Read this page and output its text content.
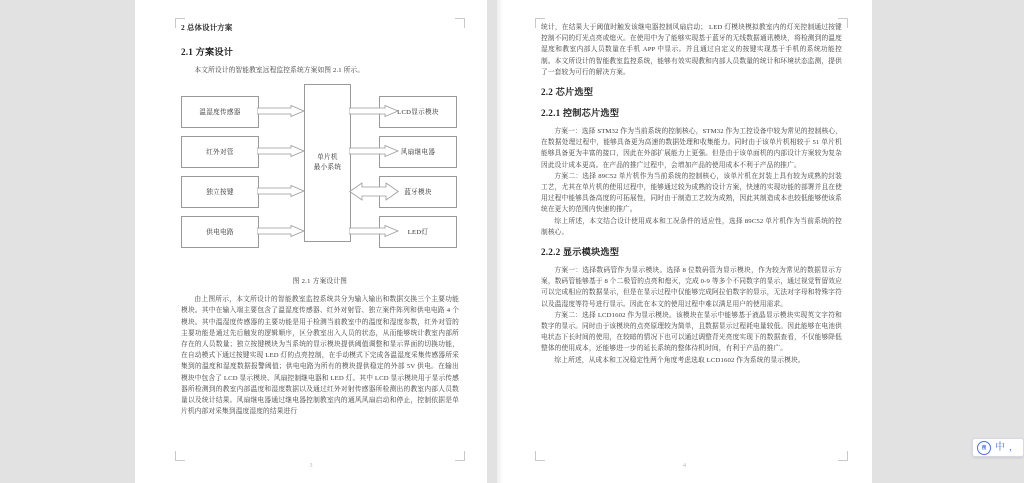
2 总体设计方案
2.1 方案设计

本文所设计的智能教室远程监控系统方案如图 2.1 所示。

温湿度传感器
红外对管
独立按键
供电电路
单片机
最小系统
LCD显示模块
风扇继电器
蓝牙模块
LED灯
图 2.1 方案设计图

由上图所示，本文所设计的智能教室监控系统共分为输入输出和数据交换三个主要功能模块。其中在输入端主要包含了温湿度传感器、红外对射管、独立案件阵列和供电电路 4 个模块。其中温湿度传感器的主要功能是用于检测当前教室中的温度和湿度参数，红外对管的主要功能是通过先后触发的逻辑顺序，区分教室出入人员的状态，从而能够统计教室内部所存在的人员数量；独立按键模块为当系统的显示模块提供阈值调整和显示界面的切换功能，在自动模式下通过按键实现 LED 灯的点亮控制，在手动模式下完成各温湿度采集传感器所采集到的温度和湿度数据报警阈值；供电电路为所有的模块提供稳定的外部 5V 供电。在输出模块中包含了 LCD 显示模块、风扇控制继电器和 LED 灯。其中 LCD 显示模块用于显示传感器所检测到的教室内部温度和湿度数据以及通过红外对射传感器所检测出的教室内部人员数量以及统计结果。风扇继电器通过继电器控制教室内的通风风扇启动和停止，控制依据是单片机内部对采集到温度湿度的结果进行

3

统计，在结果大于阈值时触发该继电器控制风扇启动； LED 灯模块模拟教室内的灯光控制通过按键控制不同的灯光点亮或熄灭。在使用中为了能够实现基于蓝牙的无线数据通讯模块，将检测到的温度湿度和教室内部人员数量在手机 APP 中显示。并且通过自定义的按键实现基于手机的系统功能控制。本文所设计的智能教室监控系统，能够有效实现教和内部人员数量的统计和环境状态监测，提供了一套较为可行的解决方案。

2.2 芯片选型
2.2.1 控制芯片选型

方案一：选择 STM32 作为当前系统的控制核心，STM32 作为工控设备中较为常见的控制核心，在数据处理过程中，能够具备更为高速的数据处理和收集能力。同时由于该单片机相较于 51 单片机能够具备更为丰富的接口，因此在外部扩展能力上更强。但是由于该单面机的内部设计方案较为复杂因此设计成本更高。在产品的推广过程中，会增加产品的使用成本不利于产品的推广。

方案二：选择 89C52 单片机作为当前系统的控制核心，该单片机在封装上具有较为成熟的封装工艺，尤其在单片机的使用过程中，能够通过较为成熟的设计方案，快速的实现功能的部署并且在使用过程中能够具备高度的可拓展性，同时由于制造工艺较为成熟，因此其制造成本也较低能够使该系统在更大的范围内快速的推广。

综上所述，本文结合设计使用成本和工况条件的适应性，选择 89C52 单片机作为当前系统的控制核心。

2.2.2 显示模块选型

方案一：选择数码管作为显示模块。选择 8 位数码管为显示模块，作为较为常见的数据显示方案，数码管能够基于 8 个二极管的点亮和熄灭，完成 0-9 等多个不同数字的显示，通过视觉暂留效应可以完成相应的数据显示，但是在显示过程中仅能够完成阿拉伯数字的显示，无法对字母和特殊字符以及温湿度等符号进行显示。因此在本文的使用过程中难以满足用户的使用需求。

方案二：选择 LCD1602 作为显示模块。该模块在显示中能够基于液晶显示模块实现英文字符和数字的显示。同时由于该模块的点亮原理较为简单，且数据显示过程耗电量较低。因此能够在电池供电状态下长时间的使用，在较暗的情况下也可以通过调整背光亮度实现下的数据查看，不仅能够降低整体的使用成本，还能够进一步的延长系统的整体待机时间，有利于产品的推广。

综上所述，从成本和工况稳定性两个角度考虑选取 LCD1602 作为系统的显示模块。

4
搜 中 ，
